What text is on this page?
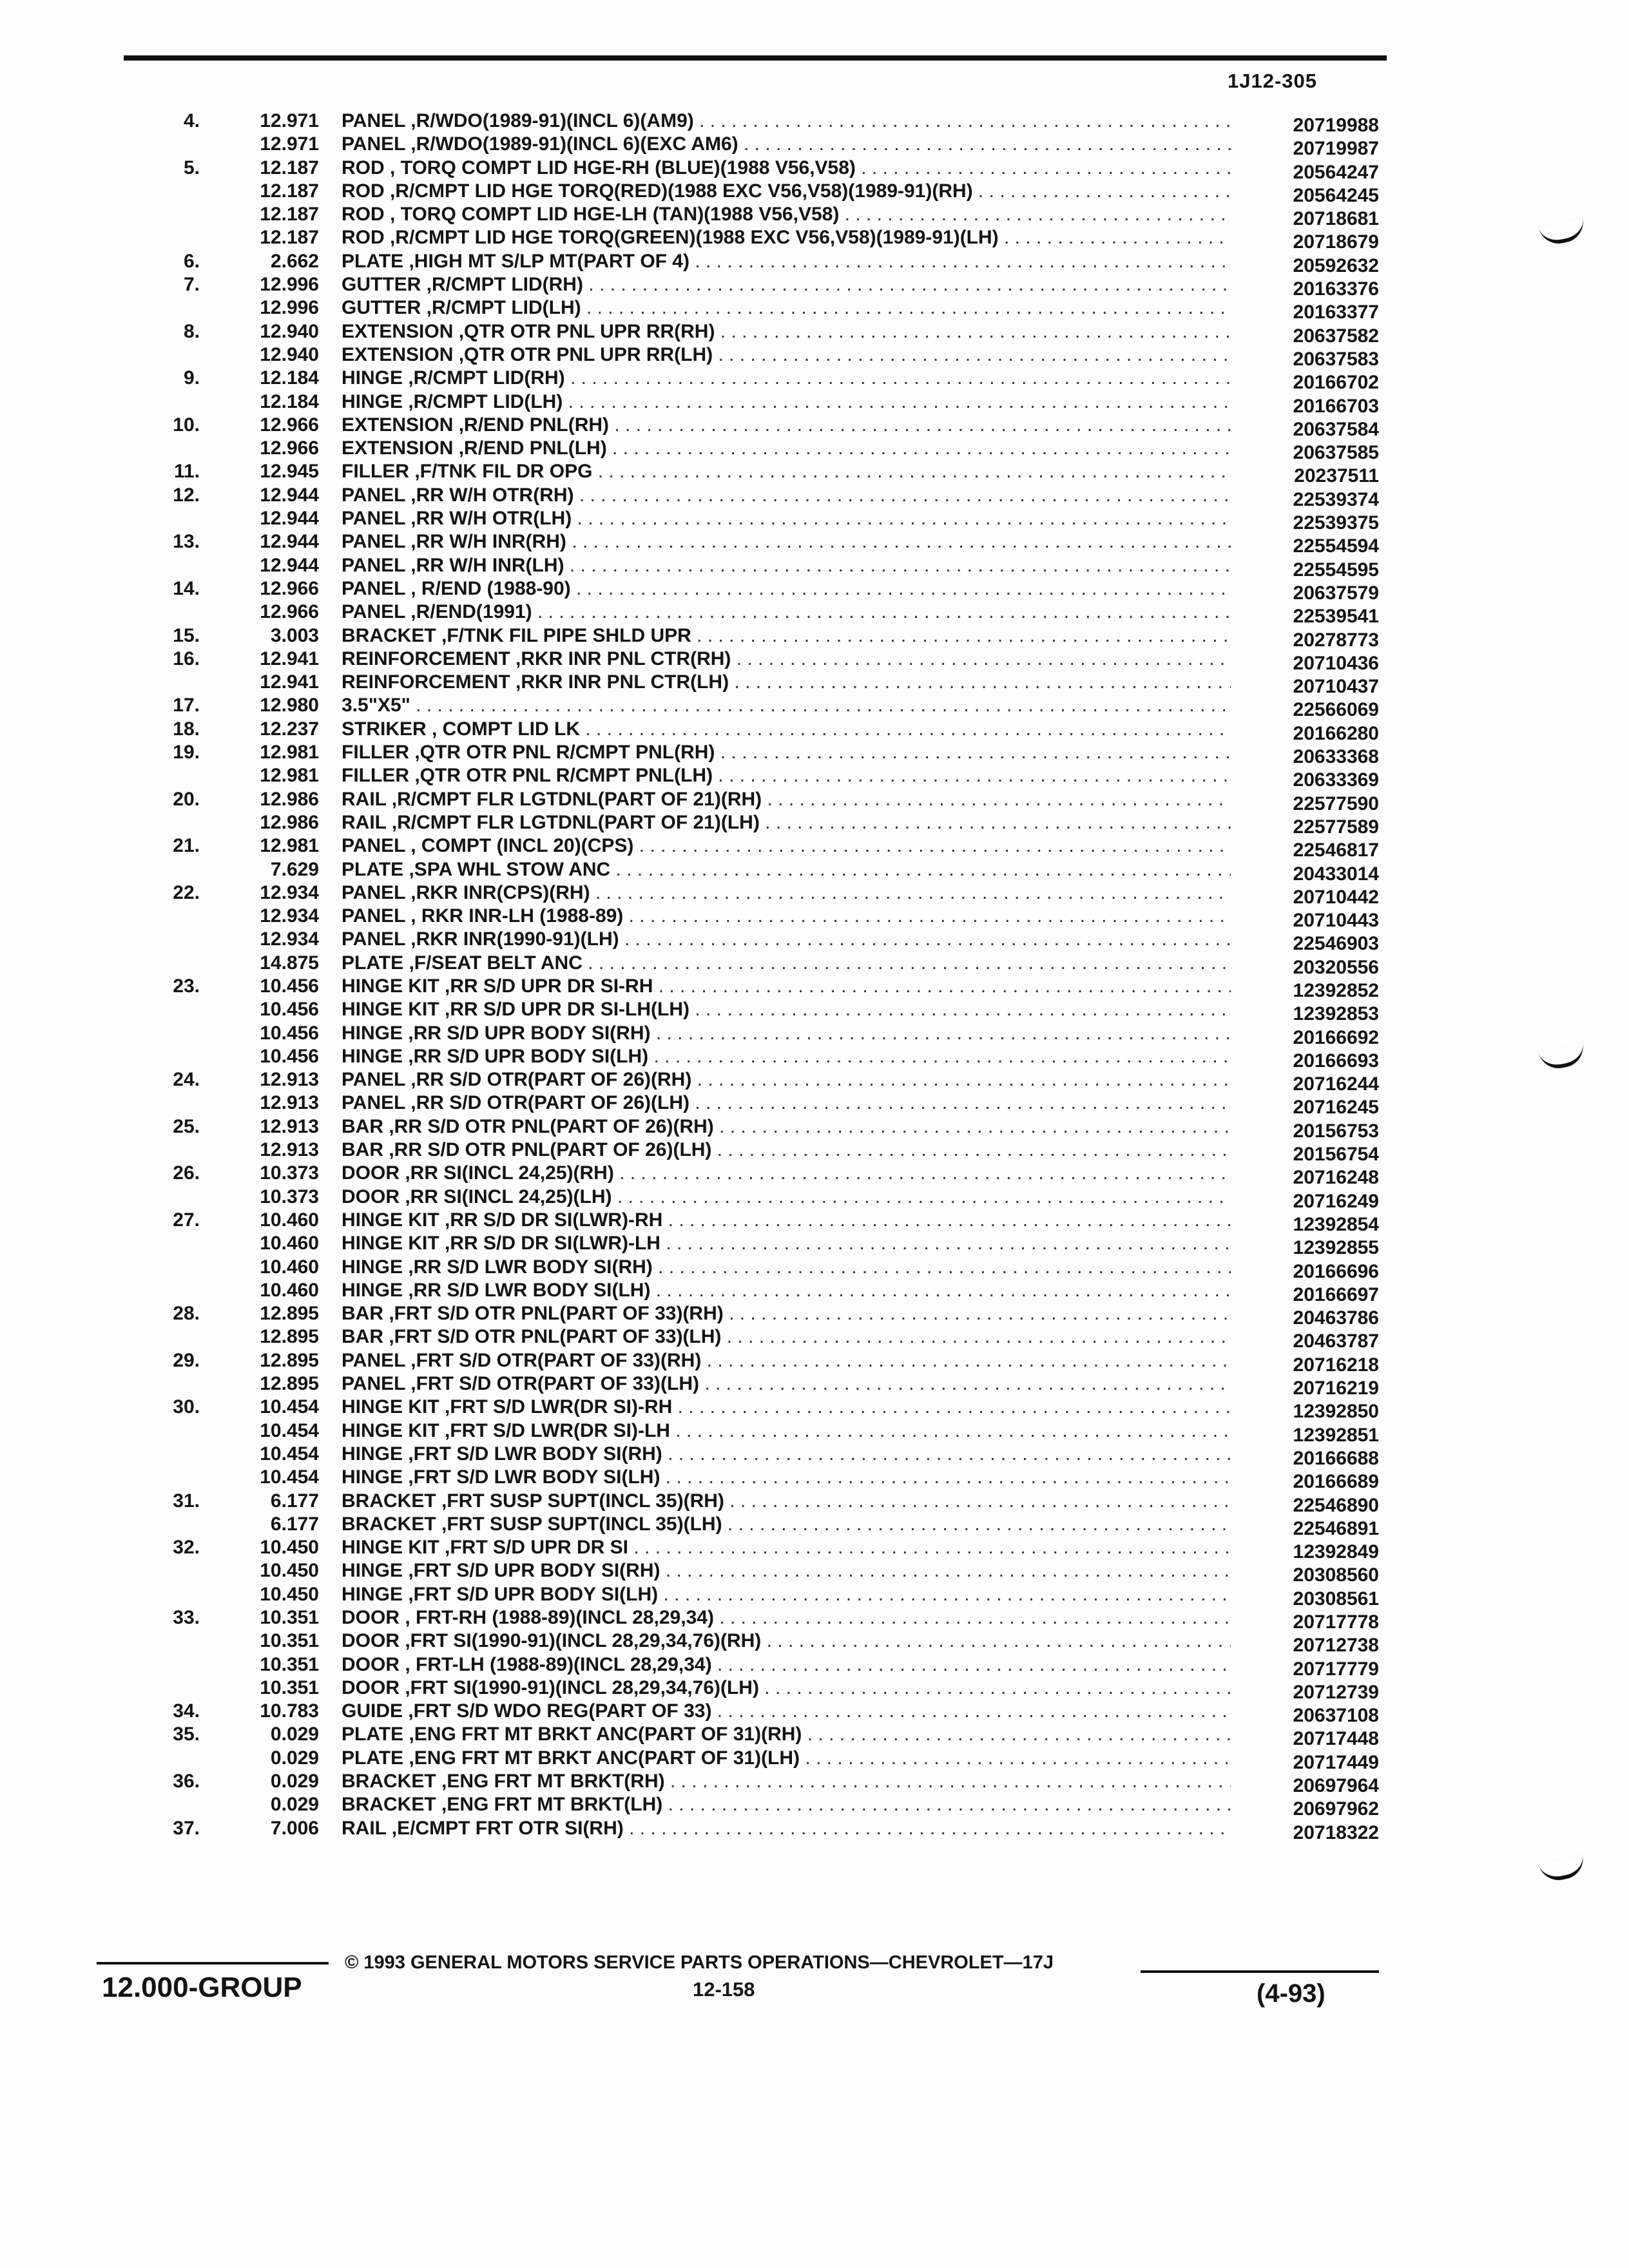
1J12-305
4.	12.971 PANEL ,R/WDO(1989-91)(INCL 6)(AM9) . . .	20719988
12.971 PANEL ,R/WDO(1989-91)(INCL 6)(EXC AM6) . . .	20719987
5.	12.187 ROD , TORQ COMPT LID HGE-RH (BLUE)(1988 V56,V58) . . .	20564247
12.187 ROD ,R/CMPT LID HGE TORQ(RED)(1988 EXC V56,V58)(1989-91)(RH) . . .	20564245
12.187 ROD , TORQ COMPT LID HGE-LH (TAN)(1988 V56,V58) . . .	20718681
12.187 ROD ,R/CMPT LID HGE TORQ(GREEN)(1988 EXC V56,V58)(1989-91)(LH) . . .	20718679
6.	2.662 PLATE ,HIGH MT S/LP MT(PART OF 4) . . .	20592632
7.	12.996 GUTTER ,R/CMPT LID(RH) . . .	20163376
12.996 GUTTER ,R/CMPT LID(LH) . . .	20163377
8.	12.940 EXTENSION ,QTR OTR PNL UPR RR(RH) . . .	20637582
12.940 EXTENSION ,QTR OTR PNL UPR RR(LH) . . .	20637583
9.	12.184 HINGE ,R/CMPT LID(RH) . . .	20166702
12.184 HINGE ,R/CMPT LID(LH) . . .	20166703
10.	12.966 EXTENSION ,R/END PNL(RH) . . .	20637584
12.966 EXTENSION ,R/END PNL(LH) . . .	20637585
11.	12.945 FILLER ,F/TNK FIL DR OPG . . .	20237511
12.	12.944 PANEL ,RR W/H OTR(RH) . . .	22539374
12.944 PANEL ,RR W/H OTR(LH) . . .	22539375
13.	12.944 PANEL ,RR W/H INR(RH) . . .	22554594
12.944 PANEL ,RR W/H INR(LH) . . .	22554595
14.	12.966 PANEL , R/END (1988-90) . . .	20637579
12.966 PANEL ,R/END(1991) . . .	22539541
15.	3.003 BRACKET ,F/TNK FIL PIPE SHLD UPR . . .	20278773
16.	12.941 REINFORCEMENT ,RKR INR PNL CTR(RH) . . .	20710436
12.941 REINFORCEMENT ,RKR INR PNL CTR(LH) . . .	20710437
17.	12.980 3.5"X5" . . .	22566069
18.	12.237 STRIKER , COMPT LID LK . . .	20166280
19.	12.981 FILLER ,QTR OTR PNL R/CMPT PNL(RH) . . .	20633368
12.981 FILLER ,QTR OTR PNL R/CMPT PNL(LH) . . .	20633369
20.	12.986 RAIL ,R/CMPT FLR LGTDNL(PART OF 21)(RH) . . .	22577590
12.986 RAIL ,R/CMPT FLR LGTDNL(PART OF 21)(LH) . . .	22577589
21.	12.981 PANEL , COMPT (INCL 20)(CPS) . . .	22546817
7.629 PLATE ,SPA WHL STOW ANC . . .	20433014
22.	12.934 PANEL ,RKR INR(CPS)(RH) . . .	20710442
12.934 PANEL , RKR INR-LH (1988-89) . . .	20710443
12.934 PANEL ,RKR INR(1990-91)(LH) . . .	22546903
14.875 PLATE ,F/SEAT BELT ANC . . .	20320556
23.	10.456 HINGE KIT ,RR S/D UPR DR SI-RH . . .	12392852
10.456 HINGE KIT ,RR S/D UPR DR SI-LH(LH) . . .	12392853
10.456 HINGE ,RR S/D UPR BODY SI(RH) . . .	20166692
10.456 HINGE ,RR S/D UPR BODY SI(LH) . . .	20166693
24.	12.913 PANEL ,RR S/D OTR(PART OF 26)(RH) . . .	20716244
12.913 PANEL ,RR S/D OTR(PART OF 26)(LH) . . .	20716245
25.	12.913 BAR ,RR S/D OTR PNL(PART OF 26)(RH) . . .	20156753
12.913 BAR ,RR S/D OTR PNL(PART OF 26)(LH) . . .	20156754
26.	10.373 DOOR ,RR SI(INCL 24,25)(RH) . . .	20716248
10.373 DOOR ,RR SI(INCL 24,25)(LH) . . .	20716249
27.	10.460 HINGE KIT ,RR S/D DR SI(LWR)-RH . . .	12392854
10.460 HINGE KIT ,RR S/D DR SI(LWR)-LH . . .	12392855
10.460 HINGE ,RR S/D LWR BODY SI(RH) . . .	20166696
10.460 HINGE ,RR S/D LWR BODY SI(LH) . . .	20166697
28.	12.895 BAR ,FRT S/D OTR PNL(PART OF 33)(RH) . . .	20463786
12.895 BAR ,FRT S/D OTR PNL(PART OF 33)(LH) . . .	20463787
29.	12.895 PANEL ,FRT S/D OTR(PART OF 33)(RH) . . .	20716218
12.895 PANEL ,FRT S/D OTR(PART OF 33)(LH) . . .	20716219
30.	10.454 HINGE KIT ,FRT S/D LWR(DR SI)-RH . . .	12392850
10.454 HINGE KIT ,FRT S/D LWR(DR SI)-LH . . .	12392851
10.454 HINGE ,FRT S/D LWR BODY SI(RH) . . .	20166688
10.454 HINGE ,FRT S/D LWR BODY SI(LH) . . .	20166689
31.	6.177 BRACKET ,FRT SUSP SUPT(INCL 35)(RH) . . .	22546890
6.177 BRACKET ,FRT SUSP SUPT(INCL 35)(LH) . . .	22546891
32.	10.450 HINGE KIT ,FRT S/D UPR DR SI . . .	12392849
10.450 HINGE ,FRT S/D UPR BODY SI(RH) . . .	20308560
10.450 HINGE ,FRT S/D UPR BODY SI(LH) . . .	20308561
33.	10.351 DOOR , FRT-RH (1988-89)(INCL 28,29,34) . . .	20717778
10.351 DOOR ,FRT SI(1990-91)(INCL 28,29,34,76)(RH) . . .	20712738
10.351 DOOR , FRT-LH (1988-89)(INCL 28,29,34) . . .	20717779
10.351 DOOR ,FRT SI(1990-91)(INCL 28,29,34,76)(LH) . . .	20712739
34.	10.783 GUIDE ,FRT S/D WDO REG(PART OF 33) . . .	20637108
35.	0.029 PLATE ,ENG FRT MT BRKT ANC(PART OF 31)(RH) . . .	20717448
0.029 PLATE ,ENG FRT MT BRKT ANC(PART OF 31)(LH) . . .	20717449
36.	0.029 BRACKET ,ENG FRT MT BRKT(RH) . . .	20697964
0.029 BRACKET ,ENG FRT MT BRKT(LH) . . .	20697962
37.	7.006 RAIL ,E/CMPT FRT OTR SI(RH) . . .	20718322
12.000-GROUP
© 1993 GENERAL MOTORS SERVICE PARTS OPERATIONS—CHEVROLET—17J
12-158	(4-93)
